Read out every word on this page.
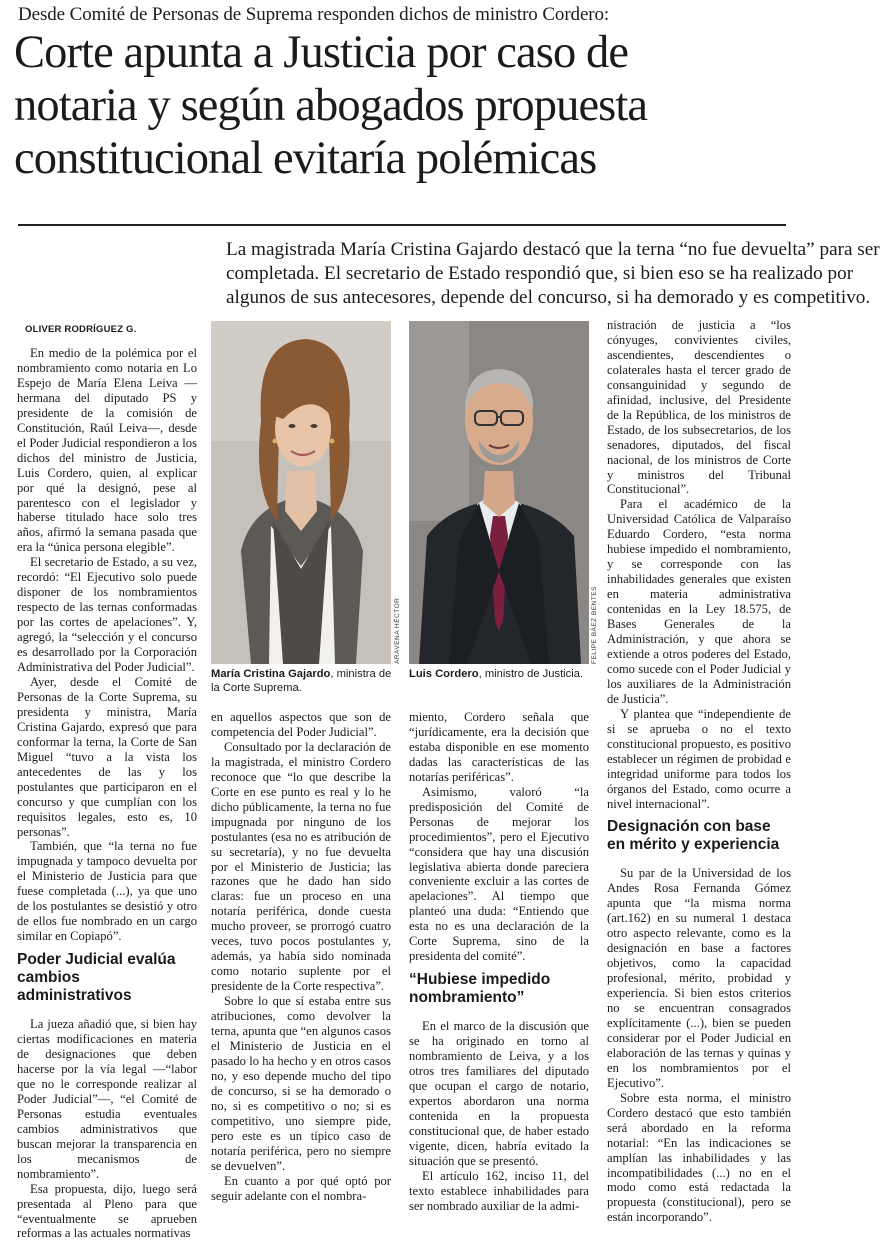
Desde Comité de Personas de Suprema responden dichos de ministro Cordero:
Corte apunta a Justicia por caso de
notaria y según abogados propuesta
constitucional evitaría polémicas
La magistrada María Cristina Gajardo destacó que la terna “no fue devuelta” para ser
completada. El secretario de Estado respondió que, si bien eso se ha realizado por
algunos de sus antecesores, depende del concurso, si ha demorado y es competitivo.
OLIVER RODRÍGUEZ G.

En medio de la polémica por el nombramiento como notaria en Lo Espejo de María Elena Leiva —hermana del diputado PS y presidente de la comisión de Constitución, Raúl Leiva—, desde el Poder Judicial respondieron a los dichos del ministro de Justicia, Luis Cordero, quien, al explicar por qué la designó, pese al parentesco con el legislador y haberse titulado hace solo tres años, afirmó la semana pasada que era la “única persona elegible”.

El secretario de Estado, a su vez, recordó: “El Ejecutivo solo puede disponer de los nombramientos respecto de las ternas conformadas por las cortes de apelaciones”. Y, agregó, la “selección y el concurso es desarrollado por la Corporación Administrativa del Poder Judicial”.

Ayer, desde el Comité de Personas de la Corte Suprema, su presidenta y ministra, María Cristina Gajardo, expresó que para conformar la terna, la Corte de San Miguel “tuvo a la vista los antecedentes de las y los postulantes que participaron en el concurso y que cumplían con los requisitos legales, esto es, 10 personas”.

También, que “la terna no fue impugnada y tampoco devuelta por el Ministerio de Justicia para que fuese completada (...), ya que uno de los postulantes se desistió y otro de ellos fue nombrado en un cargo similar en Copiapó”.

Poder Judicial evalúa cambios administrativos

La jueza añadió que, si bien hay ciertas modificaciones en materia de designaciones que deben hacerse por la vía legal —“labor que no le corresponde realizar al Poder Judicial”—, “el Comité de Personas estudia eventuales cambios administrativos que buscan mejorar la transparencia en los mecanismos de nombramiento”.

Esa propuesta, dijo, luego será presentada al Pleno para que “eventualmente se aprueben reformas a las actuales normativas

ARAVENA HÉCTOR	FELIPE BÁEZ BENTES
María Cristina Gajardo, ministra de la Corte Suprema.
Luis Cordero, ministro de Justicia.

en aquellos aspectos que son de competencia del Poder Judicial”.

Consultado por la declaración de la magistrada, el ministro Cordero reconoce que “lo que describe la Corte en ese punto es real y lo he dicho públicamente, la terna no fue impugnada por ninguno de los postulantes (esa no es atribución de su secretaría), y no fue devuelta por el Ministerio de Justicia; las razones que he dado han sido claras: fue un proceso en una notaría periférica, donde cuesta mucho proveer, se prorrogó cuatro veces, tuvo pocos postulantes y, además, ya había sido nominada como notario suplente por el presidente de la Corte respectiva”.

Sobre lo que sí estaba entre sus atribuciones, como devolver la terna, apunta que “en algunos casos el Ministerio de Justicia en el pasado lo ha hecho y en otros casos no, y eso depende mucho del tipo de concurso, si se ha demorado o no, si es competitivo o no; si es competitivo, uno siempre pide, pero este es un típico caso de notaría periférica, pero no siempre se devuelven”.

En cuanto a por qué optó por seguir adelante con el nombra-

miento, Cordero señala que “jurídicamente, era la decisión que estaba disponible en ese momento dadas las características de las notarías periféricas”.

Asimismo, valoró “la predisposición del Comité de Personas de mejorar los procedimientos”, pero el Ejecutivo “considera que hay una discusión legislativa abierta donde pareciera conveniente excluir a las cortes de apelaciones”. Al tiempo que planteó una duda: “Entiendo que esta no es una declaración de la Corte Suprema, sino de la presidenta del comité”.

“Hubiese impedido nombramiento”

En el marco de la discusión que se ha originado en torno al nombramiento de Leiva, y a los otros tres familiares del diputado que ocupan el cargo de notario, expertos abordaron una norma contenida en la propuesta constitucional que, de haber estado vigente, dicen, habría evitado la situación que se presentó.

El artículo 162, inciso 11, del texto establece inhabilidades para ser nombrado auxiliar de la admi-

nistración de justicia a “los cónyuges, convivientes civiles, ascendientes, descendientes o colaterales hasta el tercer grado de consanguinidad y segundo de afinidad, inclusive, del Presidente de la República, de los ministros de Estado, de los subsecretarios, de los senadores, diputados, del fiscal nacional, de los ministros de Corte y ministros del Tribunal Constitucional”.

Para el académico de la Universidad Católica de Valparaíso Eduardo Cordero, “esta norma hubiese impedido el nombramiento, y se corresponde con las inhabilidades generales que existen en materia administrativa contenidas en la Ley 18.575, de Bases Generales de la Administración, y que ahora se extiende a otros poderes del Estado, como sucede con el Poder Judicial y los auxiliares de la Administración de Justicia”.

Y plantea que “independiente de si se aprueba o no el texto constitucional propuesto, es positivo establecer un régimen de probidad e integridad uniforme para todos los órganos del Estado, como ocurre a nivel internacional”.

Designación con base en mérito y experiencia

Su par de la Universidad de los Andes Rosa Fernanda Gómez apunta que “la misma norma (art.162) en su numeral 1 destaca otro aspecto relevante, como es la designación en base a factores objetivos, como la capacidad profesional, mérito, probidad y experiencia. Si bien estos criterios no se encuentran consagrados explícitamente (...), bien se pueden considerar por el Poder Judicial en elaboración de las ternas y quinas y en los nombramientos por el Ejecutivo”.

Sobre esta norma, el ministro Cordero destacó que esto también será abordado en la reforma notarial: “En las indicaciones se amplían las inhabilidades y las incompatibilidades (...) no en el modo como está redactada la propuesta (constitucional), pero se están incorporando”.
